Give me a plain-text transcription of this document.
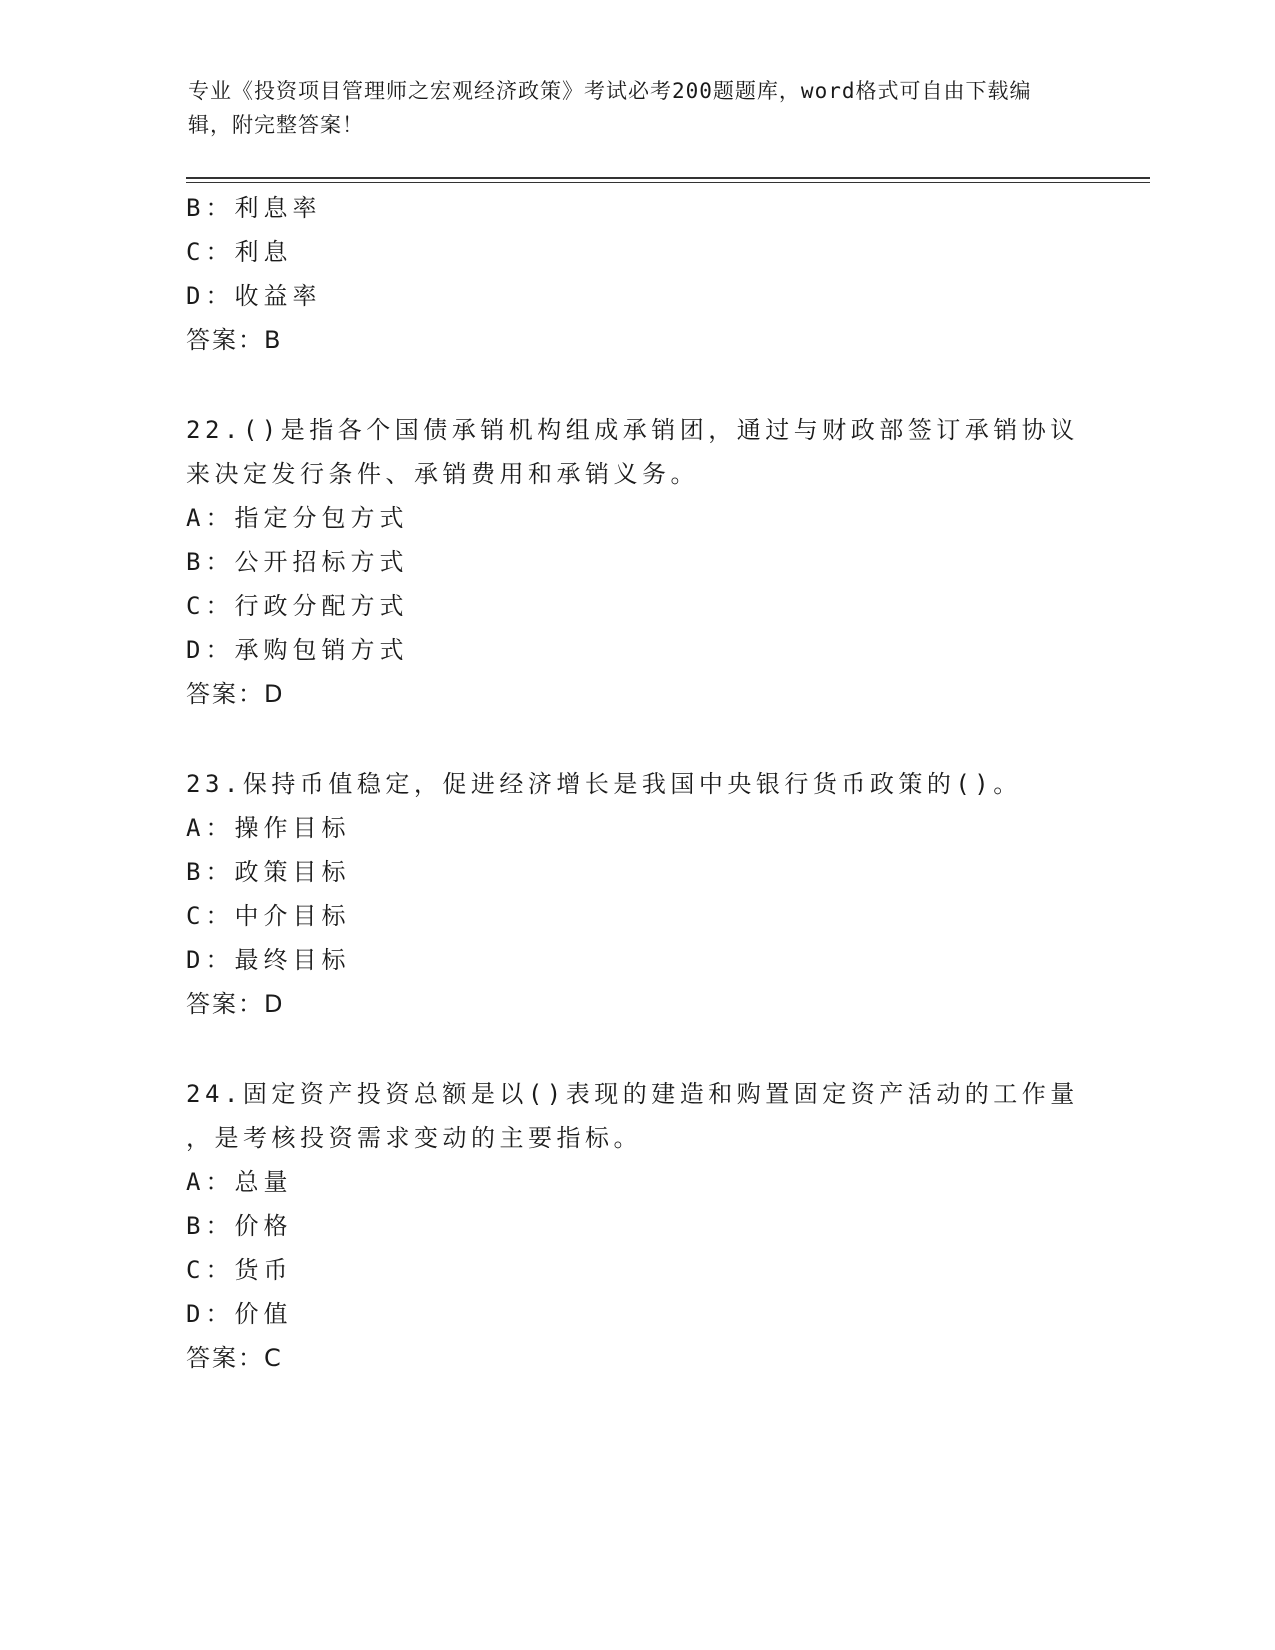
专业《投资项目管理师之宏观经济政策》考试必考200题题库，word格式可自由下载编辑，附完整答案！
B：利息率
C：利息
D：收益率
答案：B
22.()是指各个国债承销机构组成承销团，通过与财政部签订承销协议
来决定发行条件、承销费用和承销义务。
A：指定分包方式
B：公开招标方式
C：行政分配方式
D：承购包销方式
答案：D
23.保持币值稳定，促进经济增长是我国中央银行货币政策的()。
A：操作目标
B：政策目标
C：中介目标
D：最终目标
答案：D
24.固定资产投资总额是以()表现的建造和购置固定资产活动的工作量
，是考核投资需求变动的主要指标。
A：总量
B：价格
C：货币
D：价值
答案：C
